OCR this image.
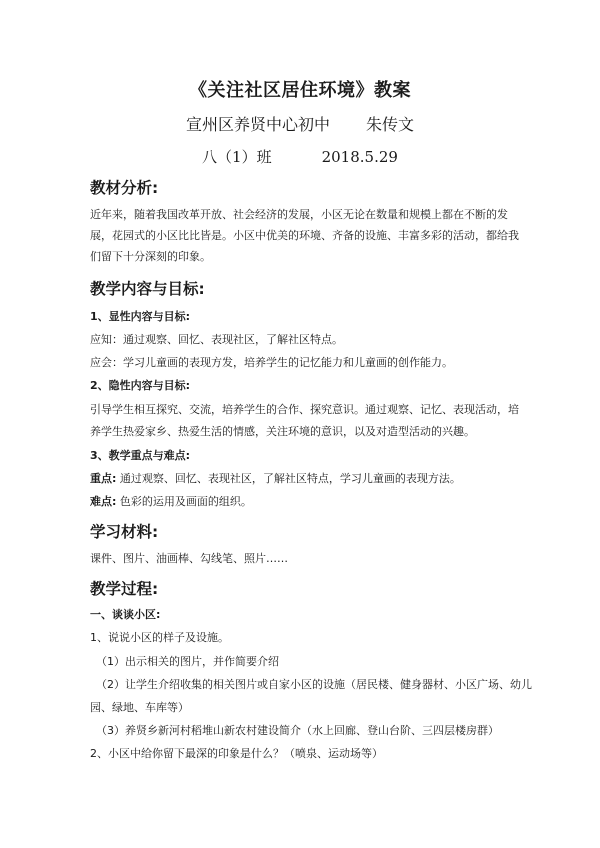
《关注社区居住环境》教案
宣州区养贤中心初中 朱传文
八（1）班	2018.5.29
教材分析:
近年来，随着我国改革开放、社会经济的发展，小区无论在数量和规模上都在不断的发
展，花园式的小区比比皆是。小区中优美的环境、齐备的设施、丰富多彩的活动，都给我
们留下十分深刻的印象。
教学内容与目标:
1、显性内容与目标:
应知：通过观察、回忆、表现社区，了解社区特点。
应会：学习儿童画的表现方发，培养学生的记忆能力和儿童画的创作能力。
2、隐性内容与目标:
引导学生相互探究、交流，培养学生的合作、探究意识。通过观察、记忆、表现活动，培
养学生热爱家乡、热爱生活的情感，关注环境的意识，以及对造型活动的兴趣。
3、教学重点与难点:
重点: 通过观察、回忆、表现社区，了解社区特点，学习儿童画的表现方法。
难点: 色彩的运用及画面的组织。
学习材料:
课件、图片、油画棒、勾线笔、照片……
教学过程:
一、谈谈小区:
1、说说小区的样子及设施。
（1）出示相关的图片，并作简要介绍
（2）让学生介绍收集的相关图片或自家小区的设施（居民楼、健身器材、小区广场、幼儿
园、绿地、车库等）
（3）养贤乡新河村稻堆山新农村建设简介（水上回廊、登山台阶、三四层楼房群）
2、小区中给你留下最深的印象是什么？（喷泉、运动场等）
